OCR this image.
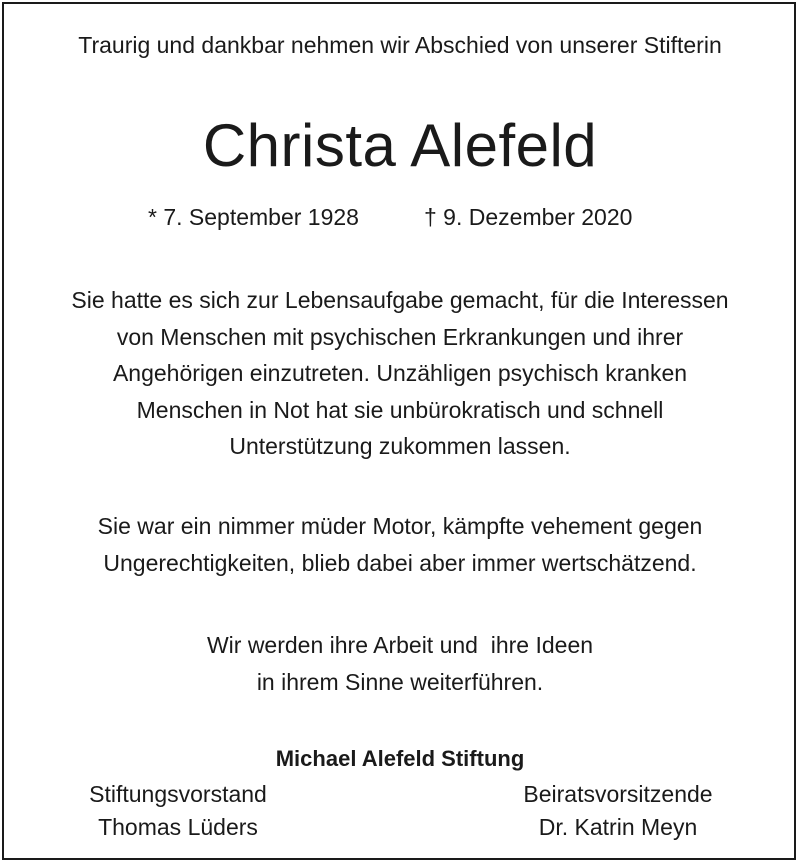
Traurig und dankbar nehmen wir Abschied von unserer Stifterin
Christa Alefeld
* 7. September 1928	† 9. Dezember 2020

Sie hatte es sich zur Lebensaufgabe gemacht, für die Interessen
von Menschen mit psychischen Erkrankungen und ihrer
Angehörigen einzutreten. Unzähligen psychisch kranken
Menschen in Not hat sie unbürokratisch und schnell
Unterstützung zukommen lassen.

Sie war ein nimmer müder Motor, kämpfte vehement gegen
Ungerechtigkeiten, blieb dabei aber immer wertschätzend.

Wir werden ihre Arbeit und  ihre Ideen
in ihrem Sinne weiterführen.

Michael Alefeld Stiftung
Stiftungsvorstand
Thomas Lüders
Beiratsvorsitzende
Dr. Katrin Meyn
